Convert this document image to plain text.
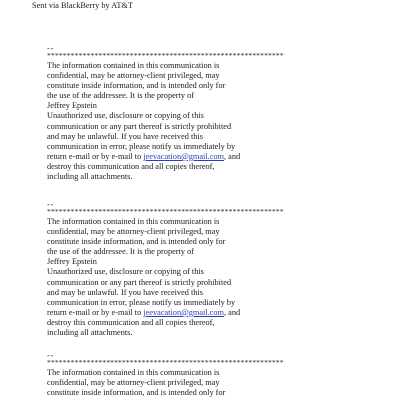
Sent via BlackBerry by AT&T
--
************************************************************
The information contained in this communication is
confidential, may be attorney-client privileged, may
constitute inside information, and is intended only for
the use of the addressee. It is the property of
Jeffrey Epstein
Unauthorized use, disclosure or copying of this
communication or any part thereof is strictly prohibited
and may be unlawful. If you have received this
communication in error, please notify us immediately by
return e-mail or by e-mail to jeevacation@gmail.com, and
destroy this communication and all copies thereof,
including all attachments.
--
************************************************************
The information contained in this communication is
confidential, may be attorney-client privileged, may
constitute inside information, and is intended only for
the use of the addressee. It is the property of
Jeffrey Epstein
Unauthorized use, disclosure or copying of this
communication or any part thereof is strictly prohibited
and may be unlawful. If you have received this
communication in error, please notify us immediately by
return e-mail or by e-mail to jeevacation@gmail.com, and
destroy this communication and all copies thereof,
including all attachments.
--
************************************************************
The information contained in this communication is
confidential, may be attorney-client privileged, may
constitute inside information, and is intended only for
